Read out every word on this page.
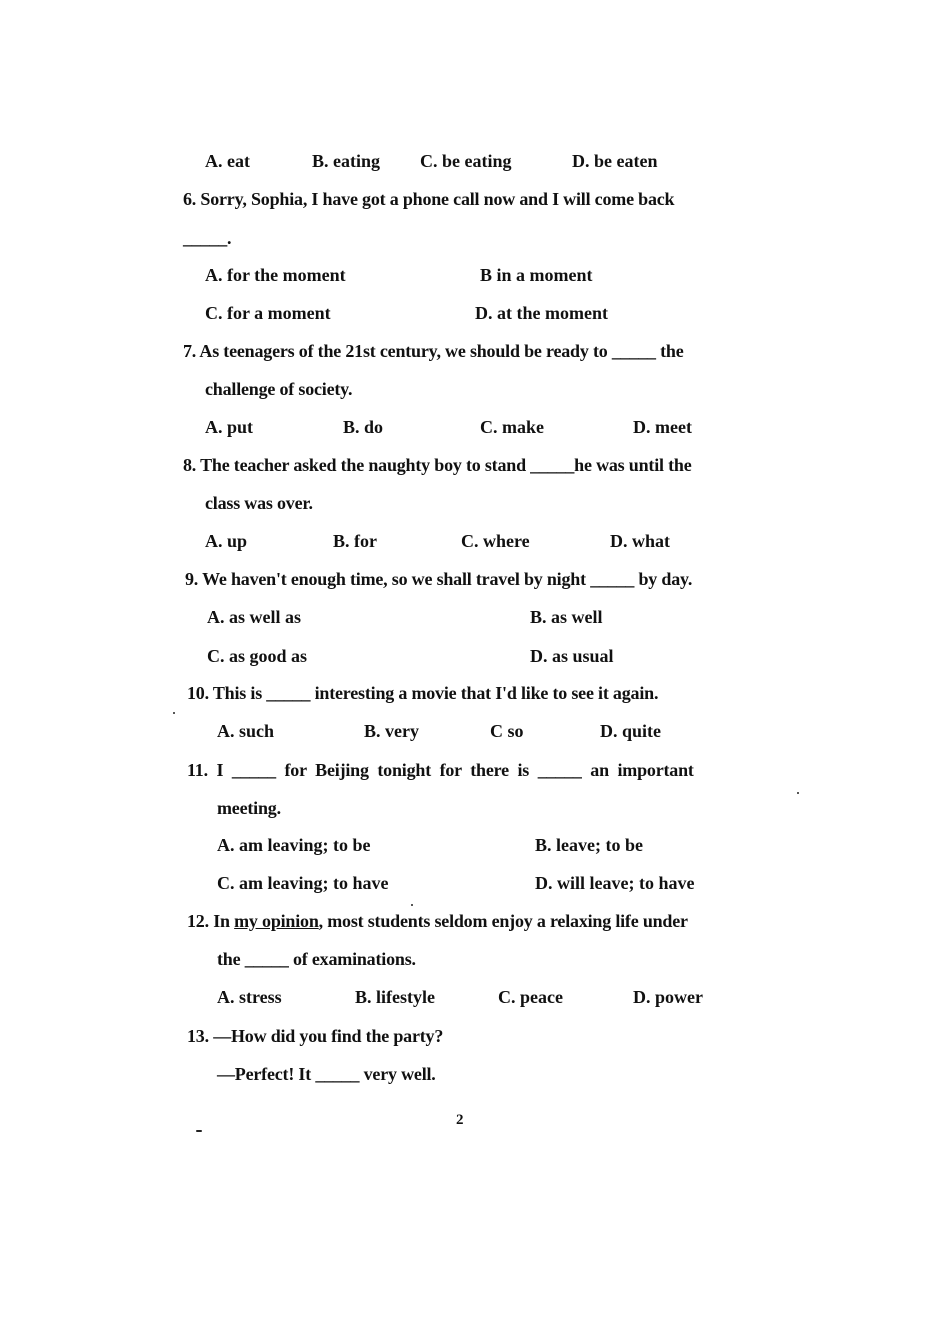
A. eat	B. eating C. be eating	D. be eaten
6. Sorry, Sophia, I have got a phone call now and I will come back
_____.
A. for the moment	B in a moment
C. for a moment	D. at the moment
7. As teenagers of the 21st century, we should be ready to _____ the
challenge of society.
A. put	B. do	C. make	D. meet
8. The teacher asked the naughty boy to stand _____he was until the
class was over.
A. up	B. for	C. where	D. what
9. We haven't enough time, so we shall travel by night _____ by day.
A. as well as	B. as well
C. as good as	D. as usual
10. This is _____ interesting a movie that I'd like to see it again.
A. such	B. very	C so	D. quite
11.  I  _____  for  Beijing  tonight  for  there  is  _____  an  important
meeting.
A. am leaving; to be	B. leave; to be
C. am leaving; to have	D. will leave; to have
12. In my opinion, most students seldom enjoy a relaxing life under
the _____ of examinations.
A. stress	B. lifestyle	C. peace	D. power
13. —How did you find the party?
—Perfect! It _____ very well.
2
